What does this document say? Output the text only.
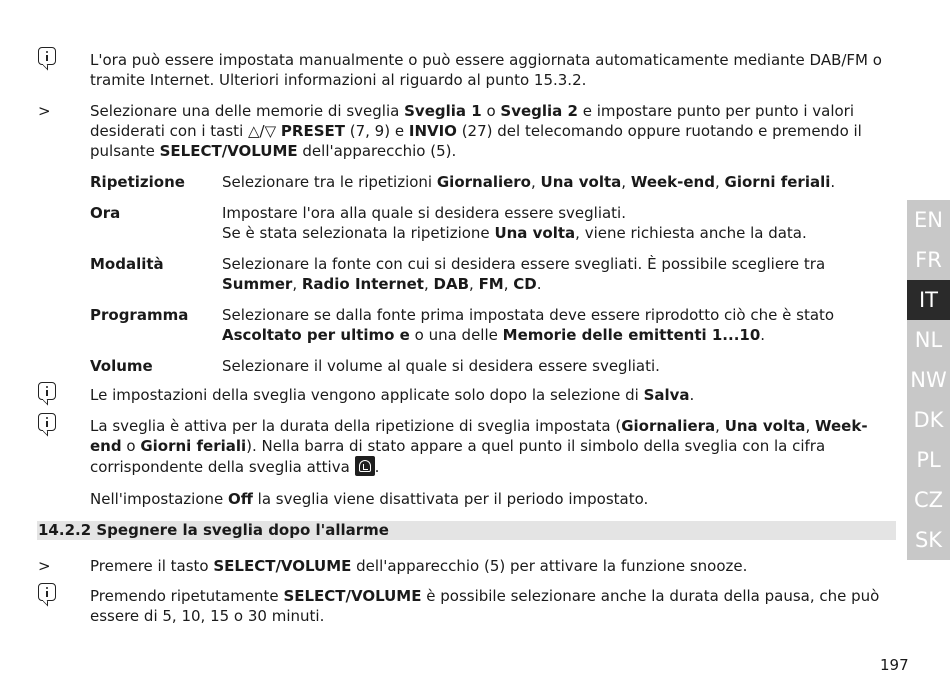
L'ora può essere impostata manualmente o può essere aggiornata automaticamente mediante DAB/FM o tramite Internet. Ulteriori informazioni al riguardo al punto 15.3.2.
>	Selezionare una delle memorie di sveglia Sveglia 1 o Sveglia 2 e impostare punto per punto i valori desiderati con i tasti △/▽ PRESET (7, 9) e INVIO (27) del telecomando oppure ruotando e premendo il pulsante SELECT/VOLUME dell'apparecchio (5).
Ripetizione	Selezionare tra le ripetizioni Giornaliero, Una volta, Week-end, Giorni feriali.
Ora	Impostare l'ora alla quale si desidera essere svegliati.
Se è stata selezionata la ripetizione Una volta, viene richiesta anche la data.
Modalità	Selezionare la fonte con cui si desidera essere svegliati. È possibile scegliere tra Summer, Radio Internet, DAB, FM, CD.
Programma	Selezionare se dalla fonte prima impostata deve essere riprodotto ciò che è stato Ascoltato per ultimo e o una delle Memorie delle emittenti 1...10.
Volume	Selezionare il volume al quale si desidera essere svegliati.
Le impostazioni della sveglia vengono applicate solo dopo la selezione di Salva.
La sveglia è attiva per la durata della ripetizione di sveglia impostata (Giornaliera, Una volta, Week-end o Giorni feriali). Nella barra di stato appare a quel punto il simbolo della sveglia con la cifra corrispondente della sveglia attiva .
Nell'impostazione Off la sveglia viene disattivata per il periodo impostato.
14.2.2 Spegnere la sveglia dopo l'allarme
>	Premere il tasto SELECT/VOLUME dell'apparecchio (5) per attivare la funzione snooze.
Premendo ripetutamente SELECT/VOLUME è possibile selezionare anche la durata della pausa, che può essere di 5, 10, 15 o 30 minuti.
EN
FR
IT
NL
NW
DK
PL
CZ
SK
197
